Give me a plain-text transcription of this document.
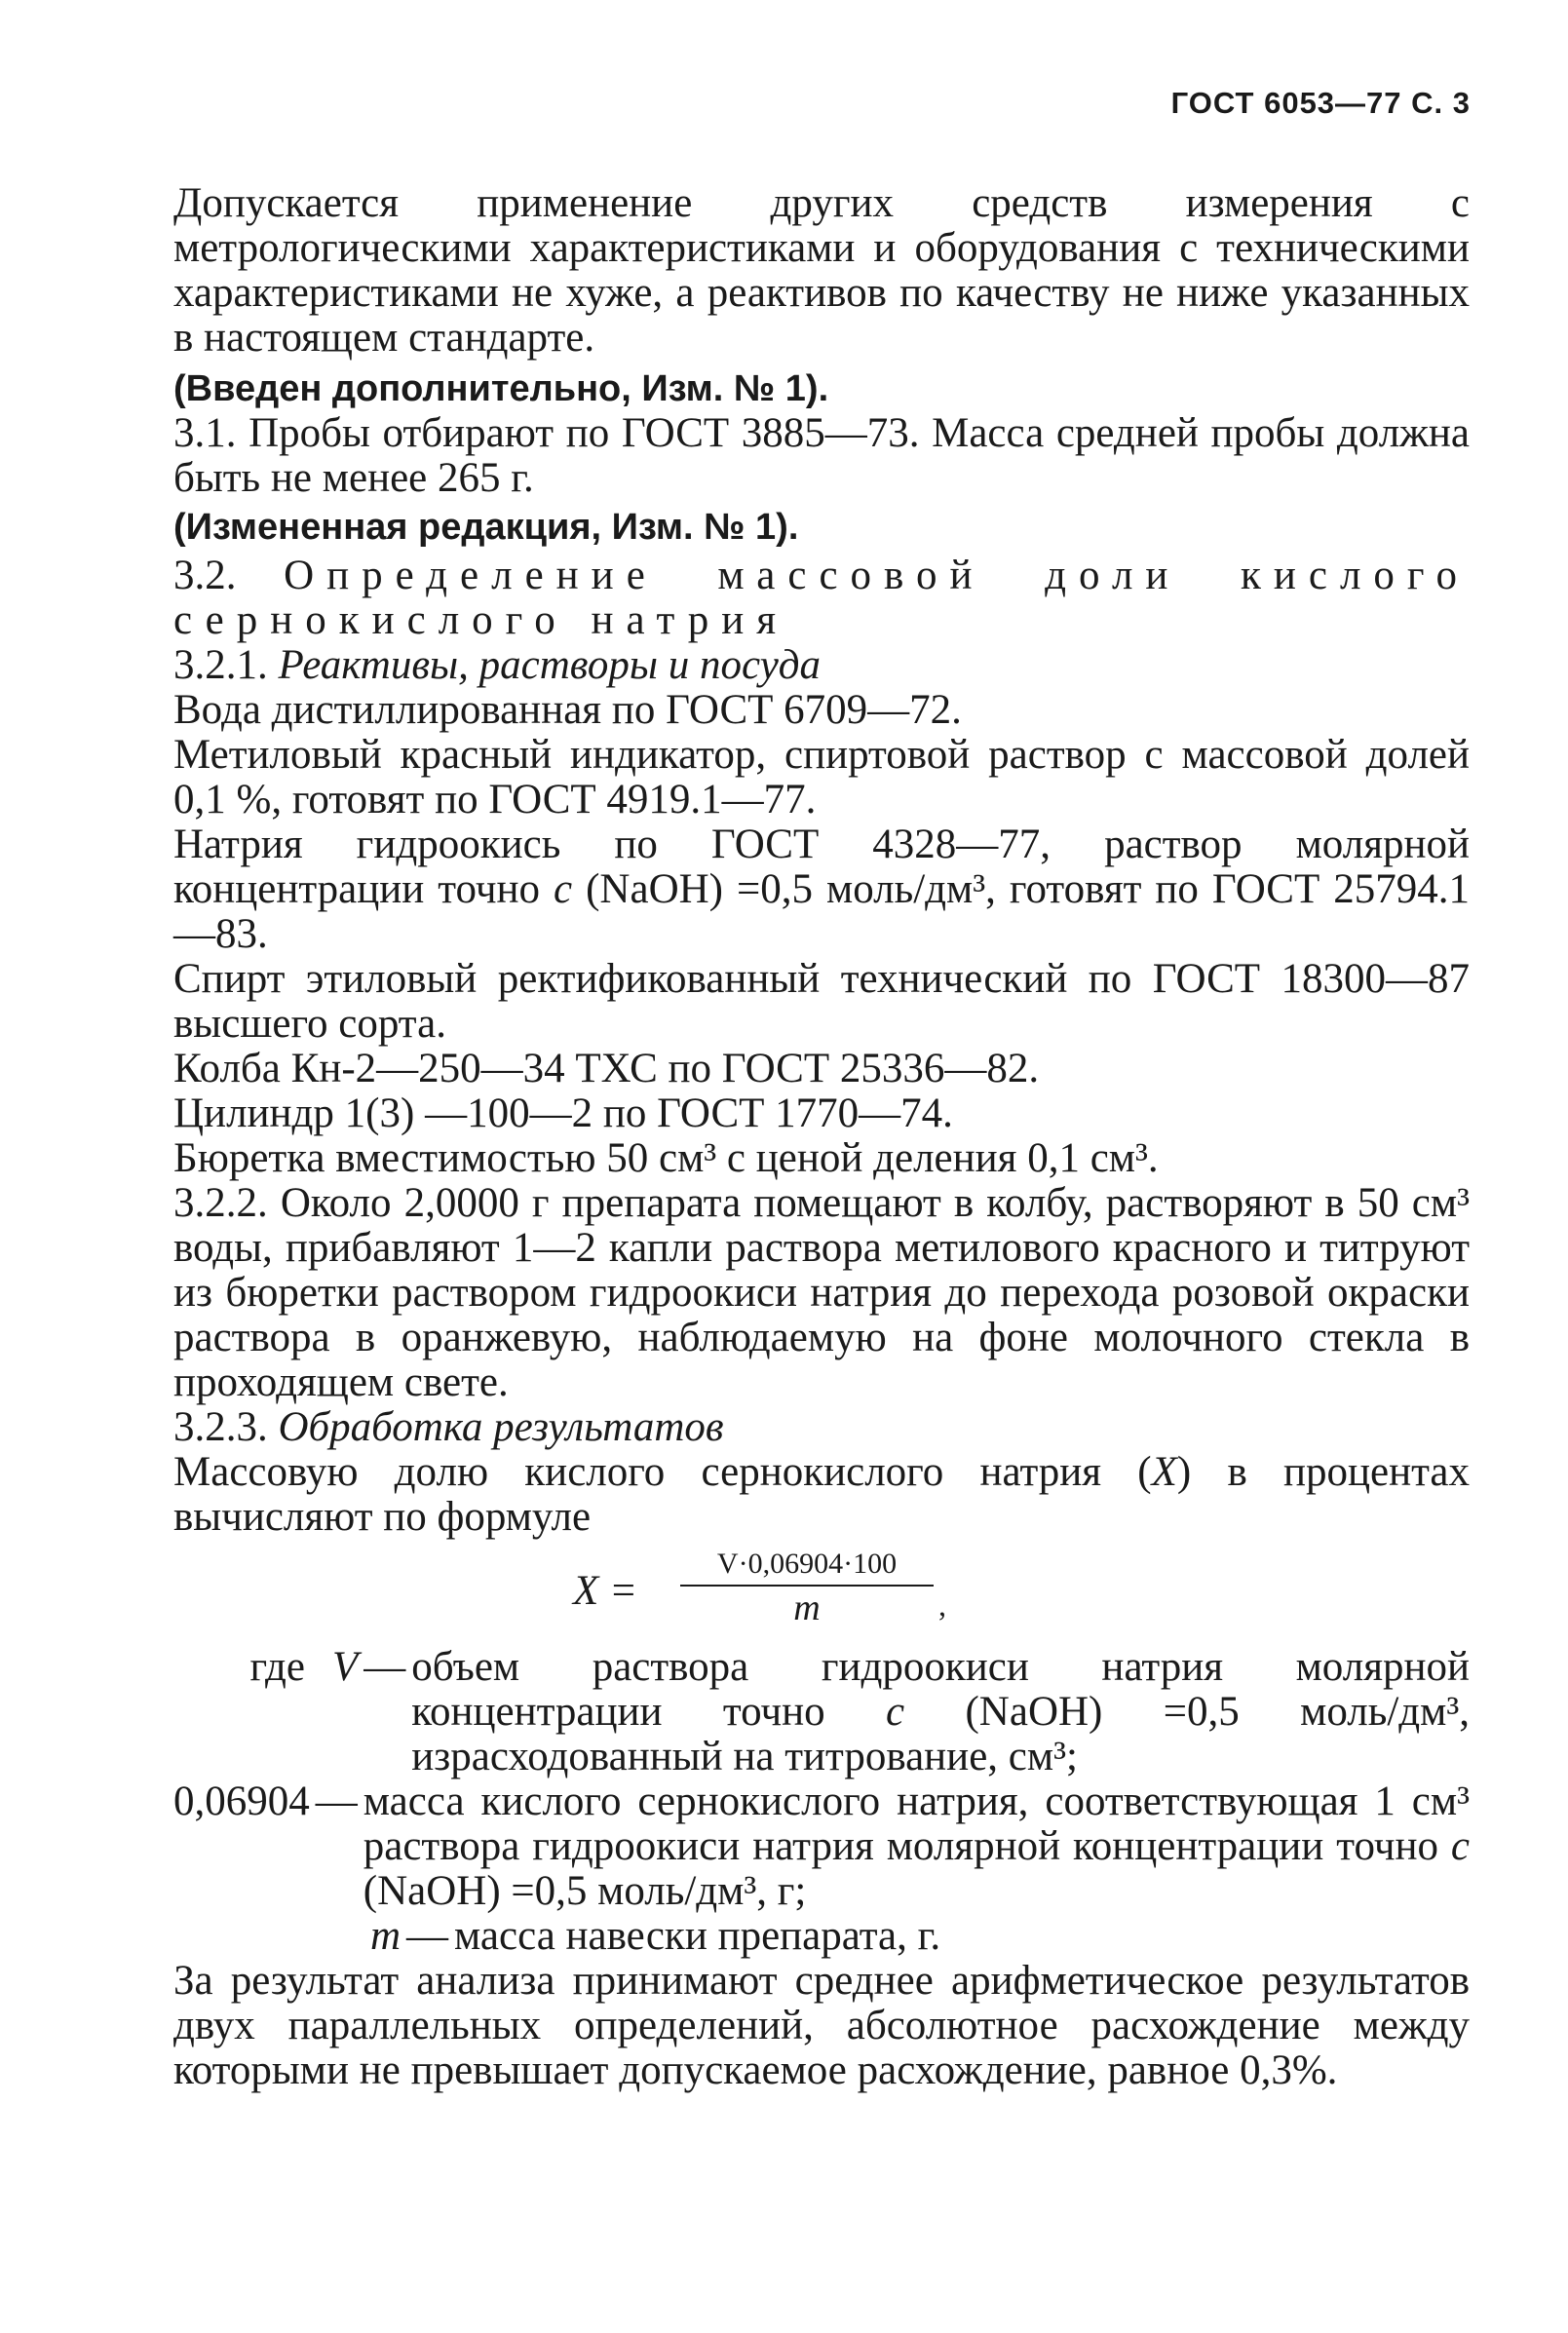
ГОСТ 6053—77 С. 3

Допускается применение других средств измерения с метрологическими характеристиками и оборудования с техническими характеристиками не хуже, а реактивов по качеству не ниже указанных в настоящем стандарте.

(Введен дополнительно, Изм. № 1).

3.1. Пробы отбирают по ГОСТ 3885—73. Масса средней пробы должна быть не менее 265 г.

(Измененная редакция, Изм. № 1).

3.2. Определение массовой доли кислого сернокислого натрия

3.2.1. Реактивы, растворы и посуда

Вода дистиллированная по ГОСТ 6709—72.

Метиловый красный индикатор, спиртовой раствор с массовой долей 0,1 %, готовят по ГОСТ 4919.1—77.

Натрия гидроокись по ГОСТ 4328—77, раствор молярной концентрации точно с (NaOH) =0,5 моль/дм³, готовят по ГОСТ 25794.1—83.

Спирт этиловый ректификованный технический по ГОСТ 18300—87 высшего сорта.

Колба Кн-2—250—34 ТХС по ГОСТ 25336—82.

Цилиндр 1(3) —100—2 по ГОСТ 1770—74.

Бюретка вместимостью 50 см³ с ценой деления 0,1 см³.

3.2.2. Около 2,0000 г препарата помещают в колбу, растворяют в 50 см³ воды, прибавляют 1—2 капли раствора метилового красного и титруют из бюретки раствором гидроокиси натрия до перехода розовой окраски раствора в оранжевую, наблюдаемую на фоне молочного стекла в проходящем свете.

3.2.3. Обработка результатов

Массовую долю кислого сернокислого натрия (X) в процентах вычисляют по формуле

X =
V·0,06904·100
m	,
где V — объем раствора гидроокиси натрия молярной концентрации точно с (NaOH) =0,5 моль/дм³, израсходованный на титрование, см³;
0,06904 — масса кислого сернокислого натрия, соответствующая 1 см³ раствора гидроокиси натрия молярной концентрации точно с (NaOH) =0,5 моль/дм³, г;
m — масса навески препарата, г.

За результат анализа принимают среднее арифметическое результатов двух параллельных определений, абсолютное расхождение между которыми не превышает допускаемое расхождение, равное 0,3%.
